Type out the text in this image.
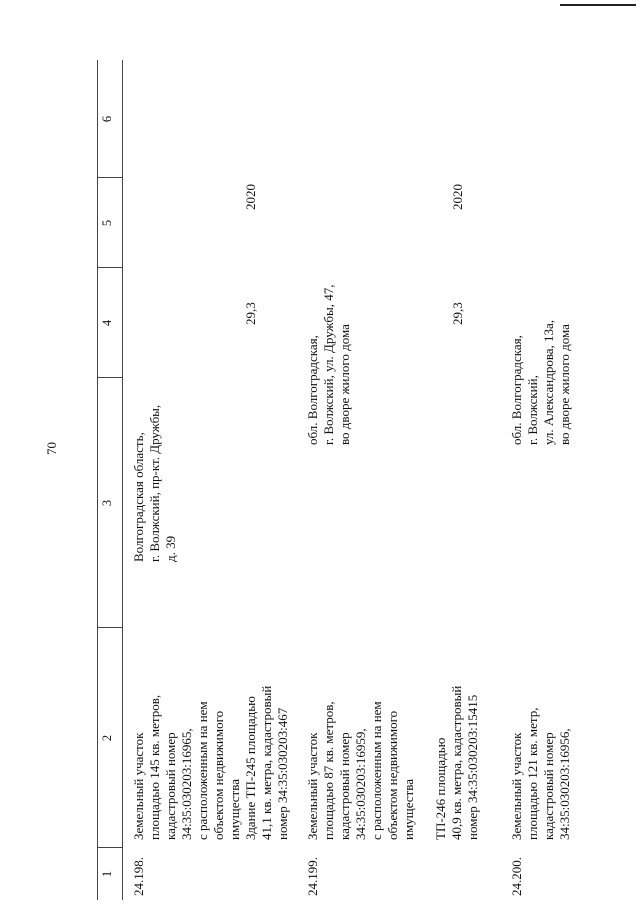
70
1
2
3
4
5
6
24.198.
Земельный участок
площадью 145 кв. метров,
кадастровый номер
34:35:030203:16965,
с расположенным на нем
объектом недвижимого
имущества Здание ТП-245 площадью
41,1 кв. метра, кадастровый
номер 34:35:030203:467
Волгоградская область,
г. Волжский, пр-кт. Дружбы,
д. 39
29,3
2020
24.199.
Земельный участок
площадью 87 кв. метров,
кадастровый номер
34:35:030203:16959,
с расположенным на нем
объектом недвижимого
имущества ТП-246 площадью
40,9 кв. метра, кадастровый
номер 34:35:030203:15415
обл. Волгоградская,
г. Волжский, ул. Дружбы, 47,
во дворе жилого дома
29,3
2020
24.200.
Земельный участок
площадью 121 кв. метр,
кадастровый номер
34:35:030203:16956,
обл. Волгоградская,
г. Волжский,
ул. Александрова, 13а,
во дворе жилого дома
